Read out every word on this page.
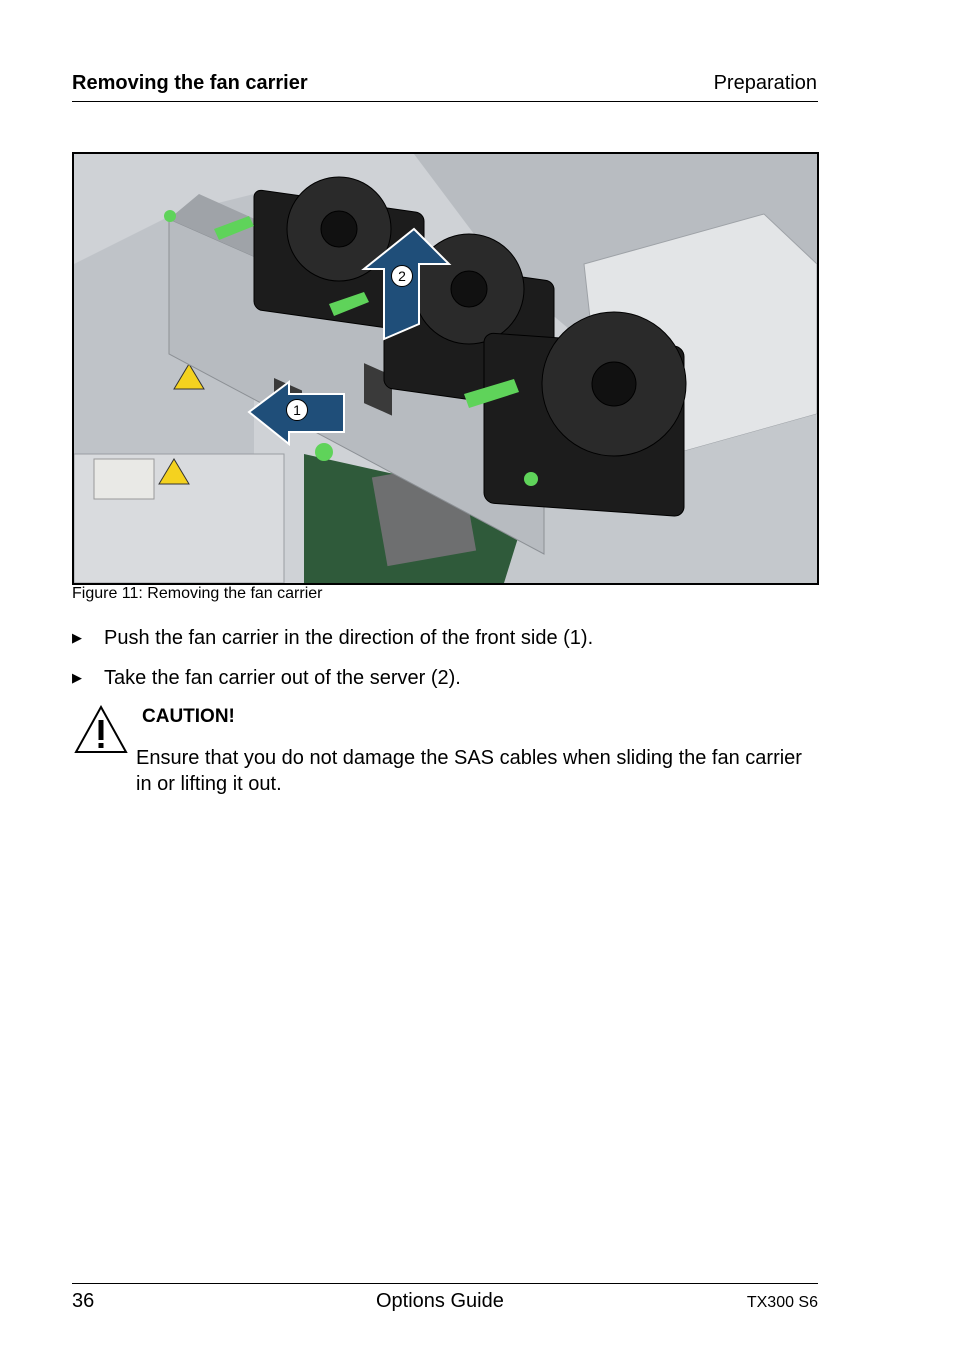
Removing the fan carrier	Preparation
2
1
Figure 11: Removing the fan carrier
▶ Push the fan carrier in the direction of the front side (1).
▶ Take the fan carrier out of the server (2).
CAUTION!
Ensure that you do not damage the SAS cables when sliding the fan carrier in or lifting it out.
36	Options Guide	TX300 S6
